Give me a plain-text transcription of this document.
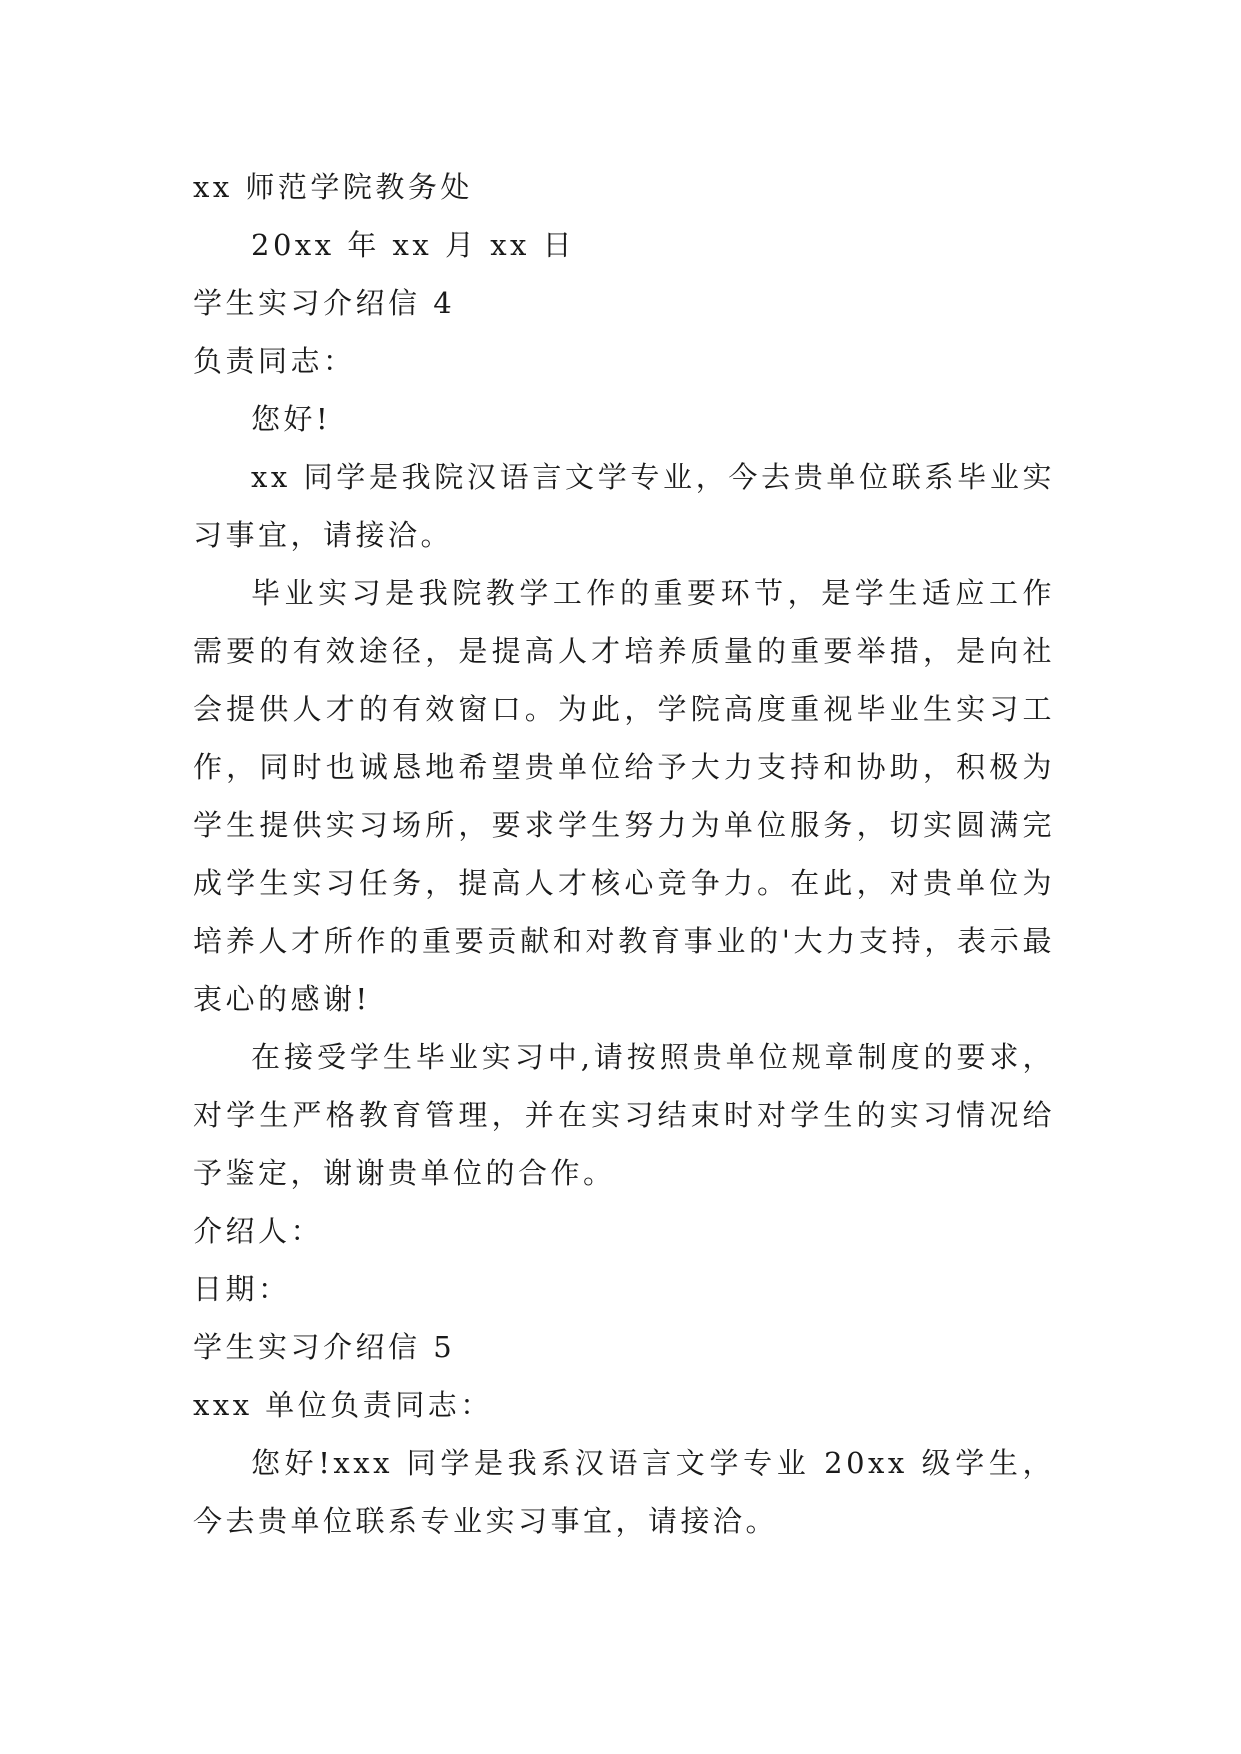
xx 师范学院教务处

20xx 年 xx 月 xx 日

学生实习介绍信 4

负责同志：

您好!

xx 同学是我院汉语言文学专业，今去贵单位联系毕业实习事宜，请接洽。

毕业实习是我院教学工作的重要环节，是学生适应工作需要的有效途径，是提高人才培养质量的重要举措，是向社会提供人才的有效窗口。为此，学院高度重视毕业生实习工作，同时也诚恳地希望贵单位给予大力支持和协助，积极为学生提供实习场所，要求学生努力为单位服务，切实圆满完成学生实习任务，提高人才核心竞争力。在此，对贵单位为培养人才所作的重要贡献和对教育事业的'大力支持，表示最衷心的感谢!

在接受学生毕业实习中,请按照贵单位规章制度的要求，对学生严格教育管理，并在实习结束时对学生的实习情况给予鉴定，谢谢贵单位的合作。

介绍人：

日期：

学生实习介绍信 5

xxx 单位负责同志：

您好!xxx 同学是我系汉语言文学专业 20xx 级学生，今去贵单位联系专业实习事宜，请接洽。
